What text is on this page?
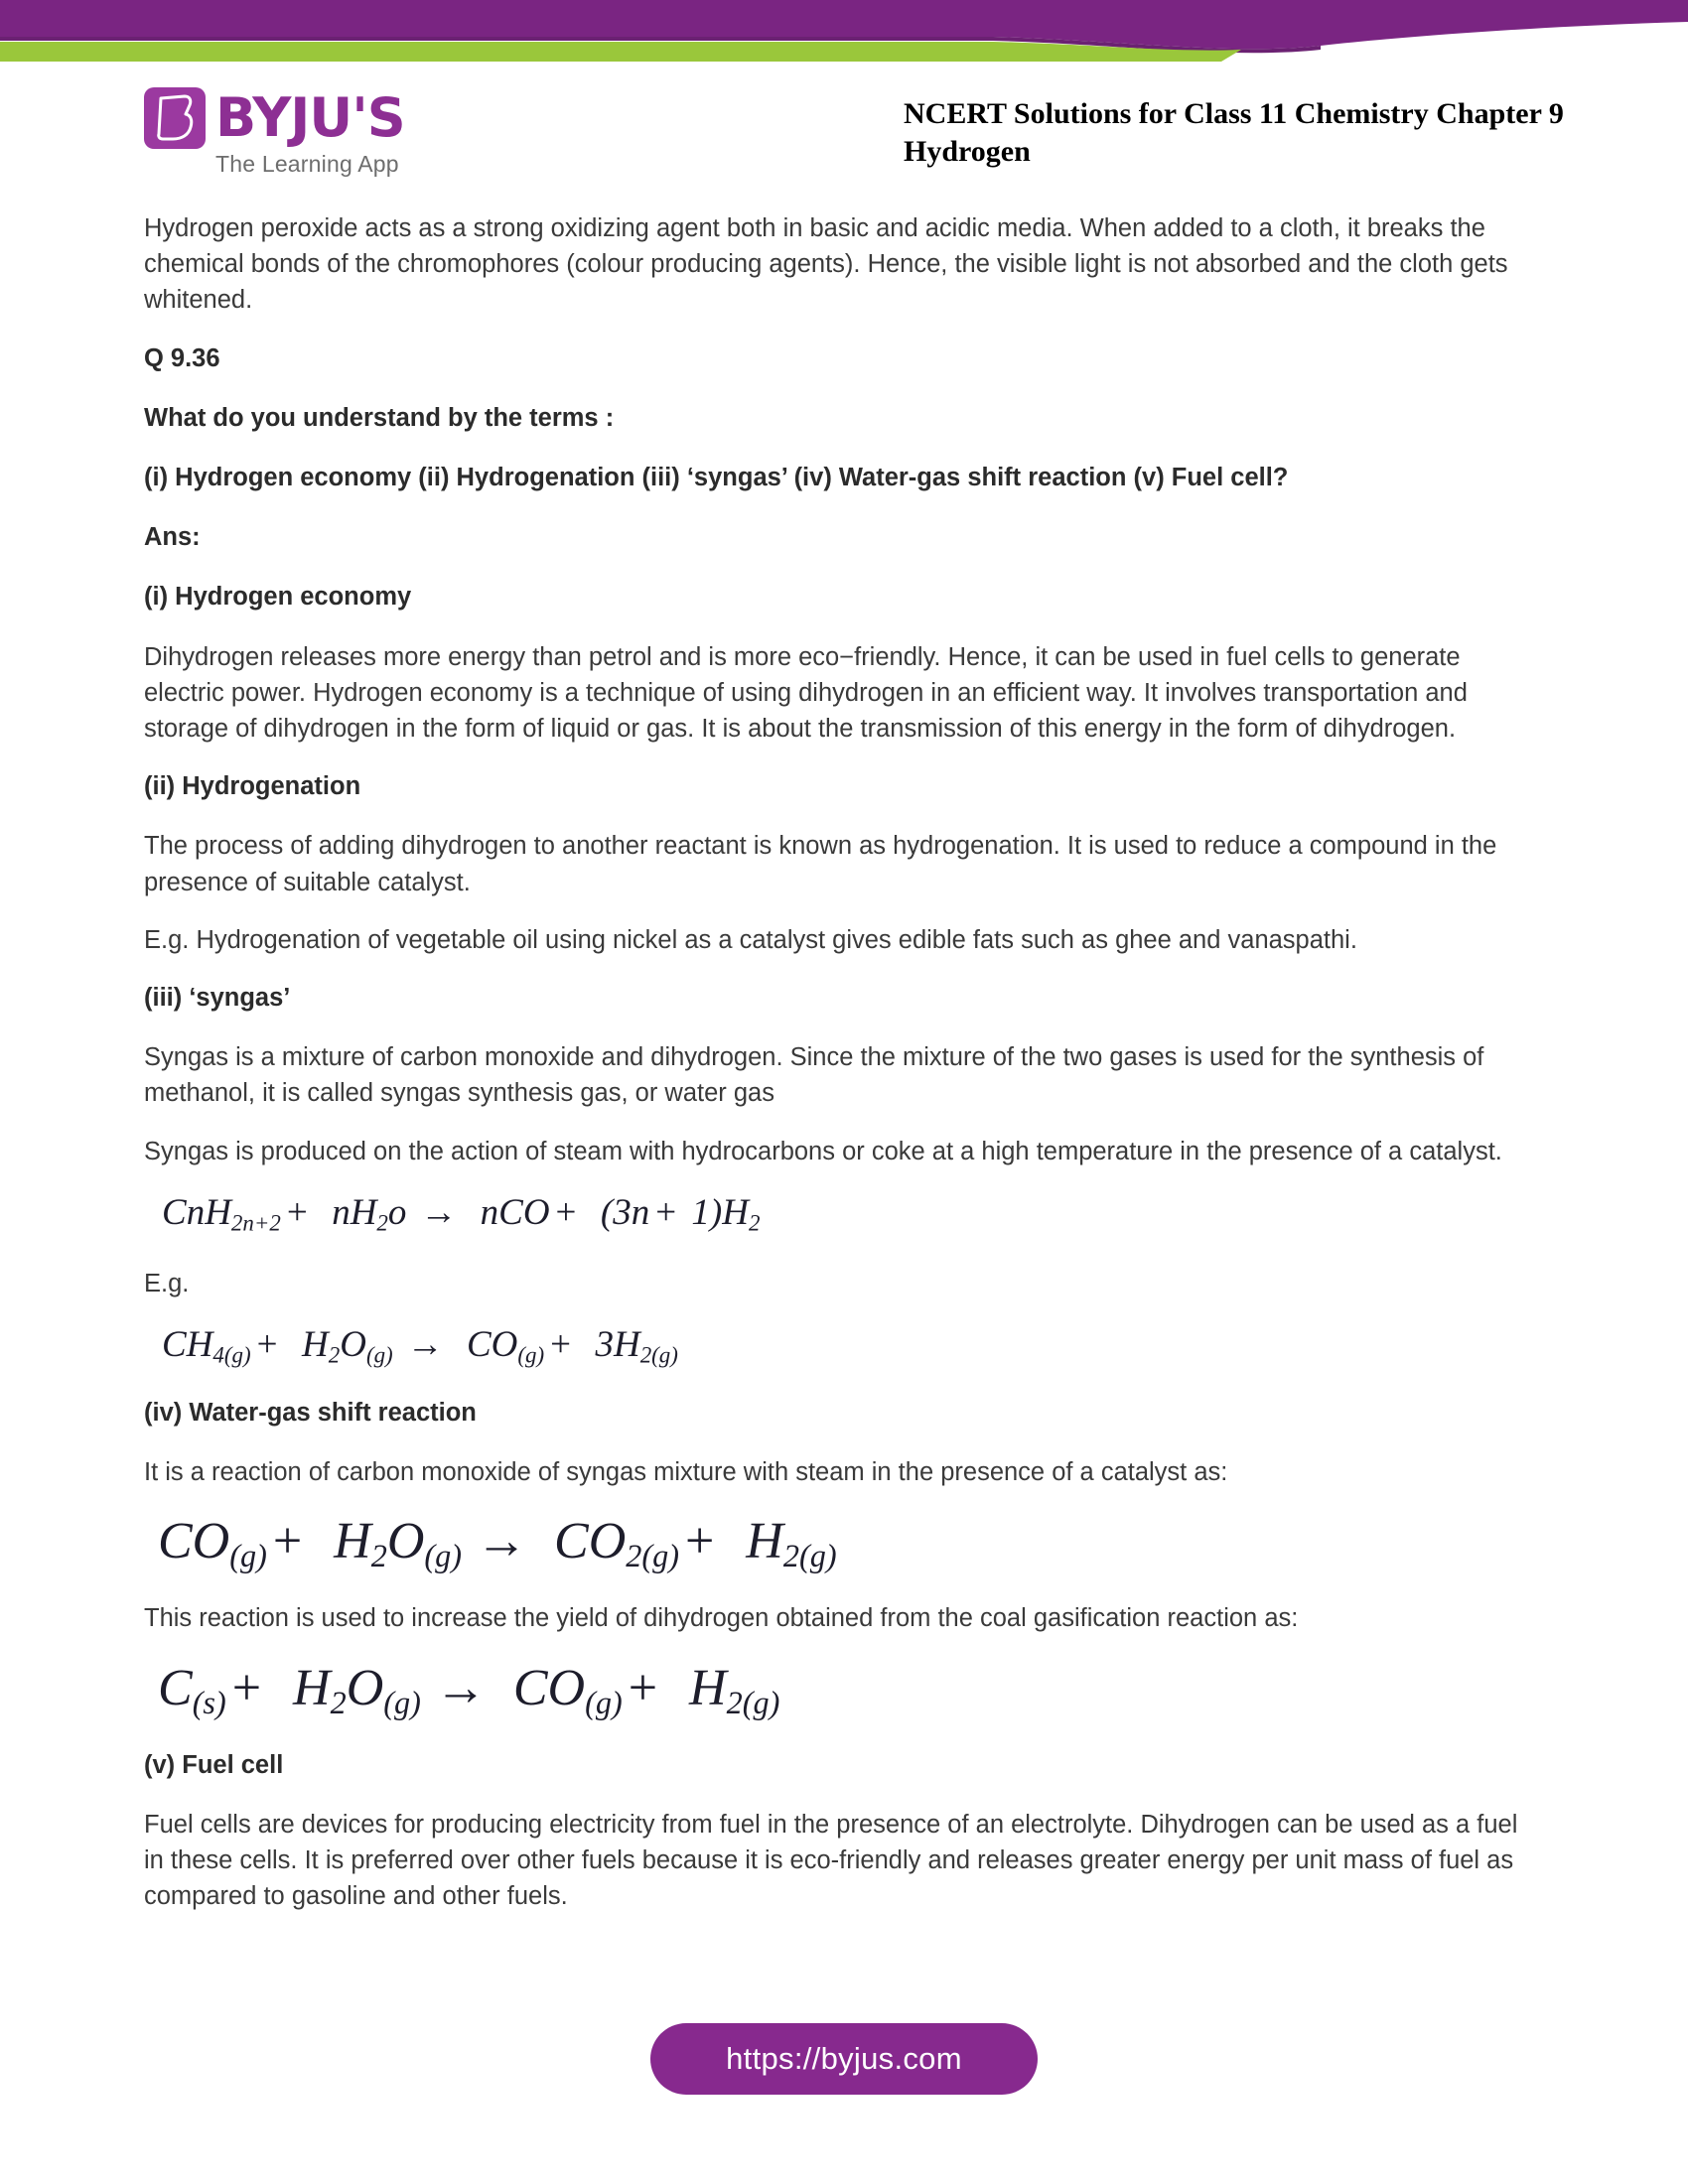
BYJU'S
The Learning App
NCERT Solutions for Class 11 Chemistry Chapter 9
Hydrogen

Hydrogen peroxide acts as a strong oxidizing agent both in basic and acidic media. When added to a cloth, it breaks the chemical bonds of the chromophores (colour producing agents). Hence, the visible light is not absorbed and the cloth gets whitened.

Q 9.36

What do you understand by the terms :

(i) Hydrogen economy (ii) Hydrogenation (iii) ‘syngas’ (iv) Water-gas shift reaction (v) Fuel cell?

Ans:

(i) Hydrogen economy

Dihydrogen releases more energy than petrol and is more eco−friendly. Hence, it can be used in fuel cells to generate electric power. Hydrogen economy is a technique of using dihydrogen in an efficient way. It involves transportation and storage of dihydrogen in the form of liquid or gas. It is about the transmission of this energy in the form of dihydrogen.

(ii) Hydrogenation

The process of adding dihydrogen to another reactant is known as hydrogenation. It is used to reduce a compound in the presence of suitable catalyst.

E.g. Hydrogenation of vegetable oil using nickel as a catalyst gives edible fats such as ghee and vanaspathi.

(iii) ‘syngas’

Syngas is a mixture of carbon monoxide and dihydrogen. Since the mixture of the two gases is used for the synthesis of methanol, it is called syngas synthesis gas, or water gas

Syngas is produced on the action of steam with hydrocarbons or coke at a high temperature in the presence of a catalyst.

$CnH_{2n+2} + nH_2o$ → nCO +  $(3n + 1)H_2$

E.g.

$CH_{4(g)} + H_2O_{(g)} \to CO_{(g)} + 3H_{2(g)}$

(iv) Water-gas shift reaction

It is a reaction of carbon monoxide of syngas mixture with steam in the presence of a catalyst as:

$CO_{(g)} + H_2O_{(g)} \to CO_{2(g)} + H_{2(g)}$

This reaction is used to increase the yield of dihydrogen obtained from the coal gasification reaction as:

$C_{(s)} + H_2O_{(g)} \to CO_{(g)} + H_{2(g)}$

(v) Fuel cell

Fuel cells are devices for producing electricity from fuel in the presence of an electrolyte. Dihydrogen can be used as a fuel in these cells. It is preferred over other fuels because it is eco-friendly and releases greater energy per unit mass of fuel as compared to gasoline and other fuels.

https://byjus.com
